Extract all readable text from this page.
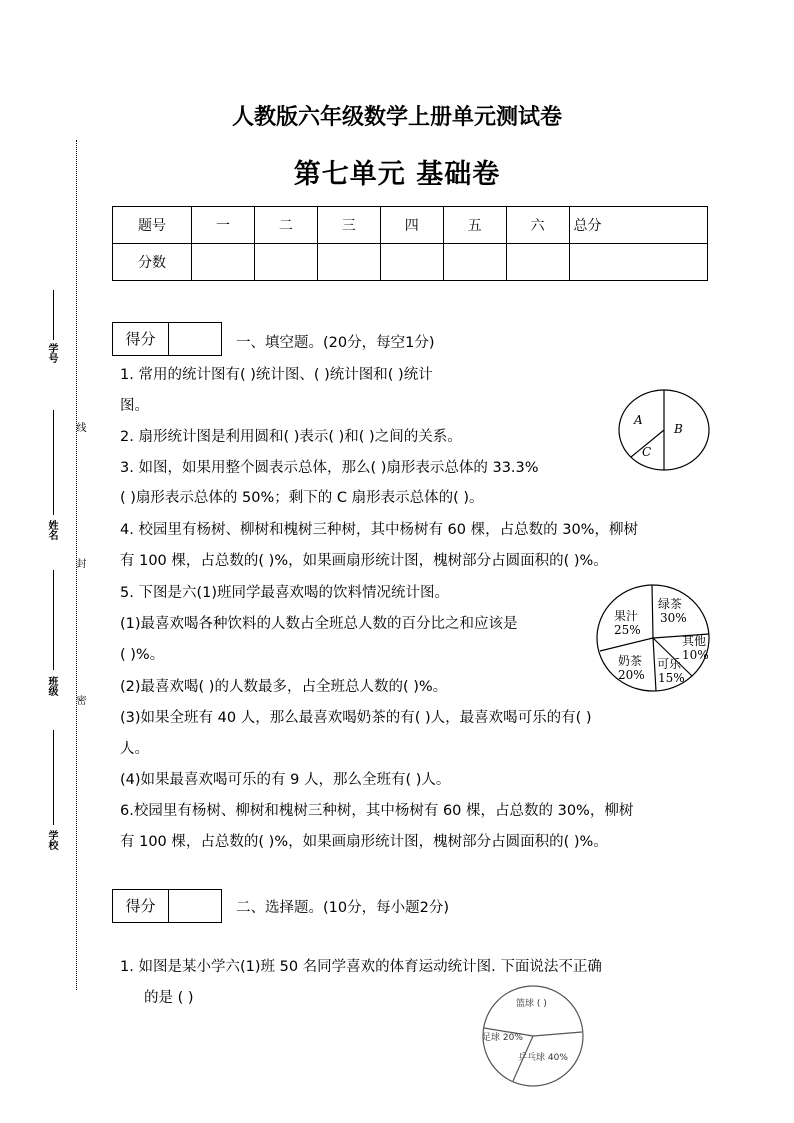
学号
姓名
班级
学校
线
封
密
人教版六年级数学上册单元测试卷
第七单元 基础卷
题号	一	二	三	四	五	六	总分
分数							
得分	一、填空题。(20分，每空1分)
1. 常用的统计图有( )统计图、( )统计图和( )统计
图。
2. 扇形统计图是利用圆和( )表示( )和( )之间的关系。
3. 如图，如果用整个圆表示总体，那么( )扇形表示总体的 33.3%
( )扇形表示总体的 50%；剩下的 C 扇形表示总体的( )。
4. 校园里有杨树、柳树和槐树三种树，其中杨树有 60 棵，占总数的 30%，柳树
有 100 棵，占总数的( )%，如果画扇形统计图，槐树部分占圆面积的( )%。
5. 下图是六(1)班同学最喜欢喝的饮料情况统计图。
(1)最喜欢喝各种饮料的人数占全班总人数的百分比之和应该是
( )%。
(2)最喜欢喝( )的人数最多，占全班总人数的( )%。
(3)如果全班有 40 人，那么最喜欢喝奶茶的有( )人，最喜欢喝可乐的有( )
人。
(4)如果最喜欢喝可乐的有 9 人，那么全班有( )人。
6.校园里有杨树、柳树和槐树三种树，其中杨树有 60 棵，占总数的 30%，柳树
有 100 棵，占总数的( )%，如果画扇形统计图，槐树部分占圆面积的( )%。
A
B
C
绿茶
30%
其他
10%
可乐
15%
奶茶
20%
果汁
25%
得分	二、选择题。(10分，每小题2分)
1. 如图是某小学六(1)班 50 名同学喜欢的体育运动统计图. 下面说法不正确
的是 ( )	篮球 ( )
足球 20%
乒乓球 40%
